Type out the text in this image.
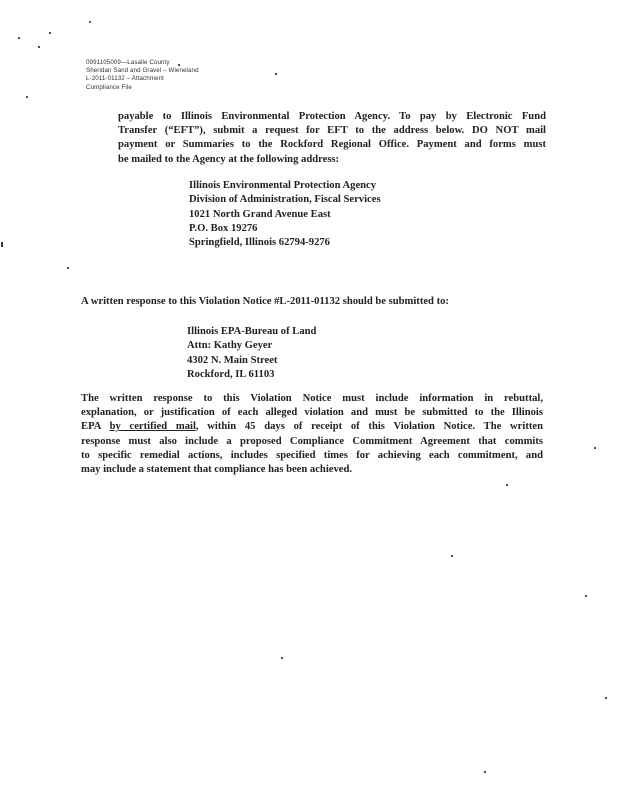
0991105009—Lasalle County
Sheridan Sand and Gravel – Wieneland
L-2011-01132 – Attachment
Compliance File
payable to Illinois Environmental Protection Agency. To pay by Electronic Fund
Transfer (“EFT”), submit a request for EFT to the address below. DO NOT mail
payment or Summaries to the Rockford Regional Office. Payment and forms must
be mailed to the Agency at the following address:
Illinois Environmental Protection Agency
Division of Administration, Fiscal Services
1021 North Grand Avenue East
P.O. Box 19276
Springfield, Illinois 62794-9276
A written response to this Violation Notice #L-2011-01132 should be submitted to:
Illinois EPA-Bureau of Land
Attn: Kathy Geyer
4302 N. Main Street
Rockford, IL 61103
The written response to this Violation Notice must include information in rebuttal,
explanation, or justification of each alleged violation and must be submitted to the Illinois
EPA by certified mail, within 45 days of receipt of this Violation Notice. The written
response must also include a proposed Compliance Commitment Agreement that commits
to specific remedial actions, includes specified times for achieving each commitment, and
may include a statement that compliance has been achieved.
